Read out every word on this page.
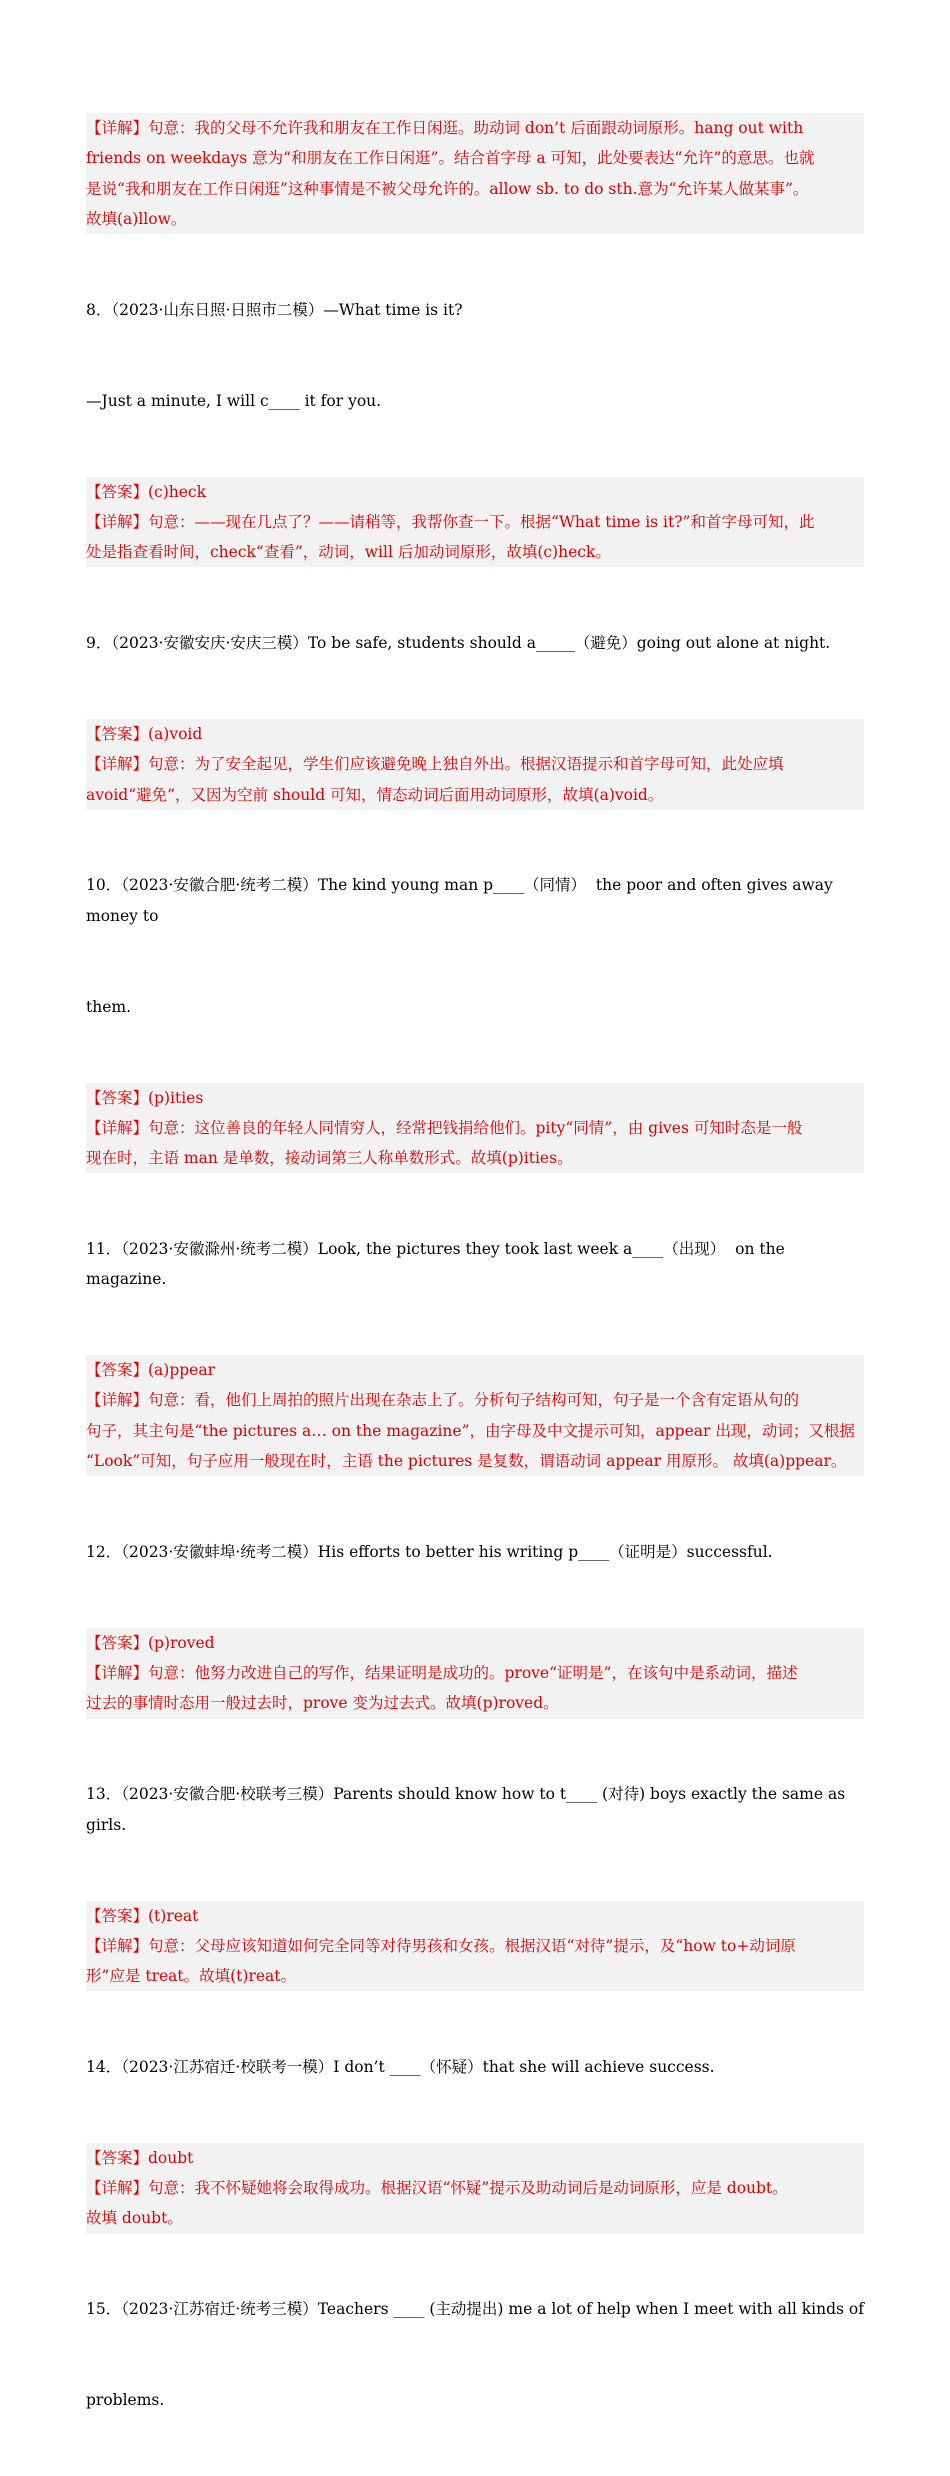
【详解】句意：我的父母不允许我和朋友在工作日闲逛。助动词 don’t 后面跟动词原形。hang out with
friends on weekdays 意为“和朋友在工作日闲逛”。结合首字母 a 可知，此处要表达“允许”的意思。也就
是说“我和朋友在工作日闲逛”这种事情是不被父母允许的。allow sb. to do sth.意为“允许某人做某事”。
故填(a)llow。

8．（2023·山东日照·日照市二模）—What time is it?

—Just a minute, I will c____ it for you.

【答案】(c)heck
【详解】句意：——现在几点了？——请稍等，我帮你查一下。根据“What time is it?”和首字母可知，此
处是指查看时间，check“查看”，动词，will 后加动词原形，故填(c)heck。

9．（2023·安徽安庆·安庆三模）To be safe, students should a_____（避免）going out alone at night.

【答案】(a)void
【详解】句意：为了安全起见，学生们应该避免晚上独自外出。根据汉语提示和首字母可知，此处应填
avoid“避免”，又因为空前 should 可知，情态动词后面用动词原形，故填(a)void。

10．（2023·安徽合肥·统考二模）The kind young man p____（同情）  the poor and often gives away money to

them.

【答案】(p)ities
【详解】句意：这位善良的年轻人同情穷人，经常把钱捐给他们。pity“同情”，由 gives 可知时态是一般
现在时，主语 man 是单数，接动词第三人称单数形式。故填(p)ities。

11．（2023·安徽滁州·统考二模）Look, the pictures they took last week a____（出现）  on the magazine.

【答案】(a)ppear
【详解】句意：看，他们上周拍的照片出现在杂志上了。分析句子结构可知，句子是一个含有定语从句的
句子，其主句是“the pictures a… on the magazine”，由字母及中文提示可知，appear 出现，动词；又根据
“Look”可知，句子应用一般现在时，主语 the pictures 是复数，谓语动词 appear 用原形。 故填(a)ppear。

12．（2023·安徽蚌埠·统考二模）His efforts to better his writing p____（证明是）successful.

【答案】(p)roved
【详解】句意：他努力改进自己的写作，结果证明是成功的。prove“证明是”，在该句中是系动词，描述
过去的事情时态用一般过去时，prove 变为过去式。故填(p)roved。

13．（2023·安徽合肥·校联考三模）Parents should know how to t____ (对待) boys exactly the same as girls.

【答案】(t)reat
【详解】句意：父母应该知道如何完全同等对待男孩和女孩。根据汉语“对待”提示，及“how to+动词原
形”应是 treat。故填(t)reat。

14．（2023·江苏宿迁·校联考一模）I don’t ____（怀疑）that she will achieve success.

【答案】doubt
【详解】句意：我不怀疑她将会取得成功。根据汉语“怀疑”提示及助动词后是动词原形，应是 doubt。
故填 doubt。

15．（2023·江苏宿迁·统考三模）Teachers ____ (主动提出) me a lot of help when I meet with all kinds of

problems.
